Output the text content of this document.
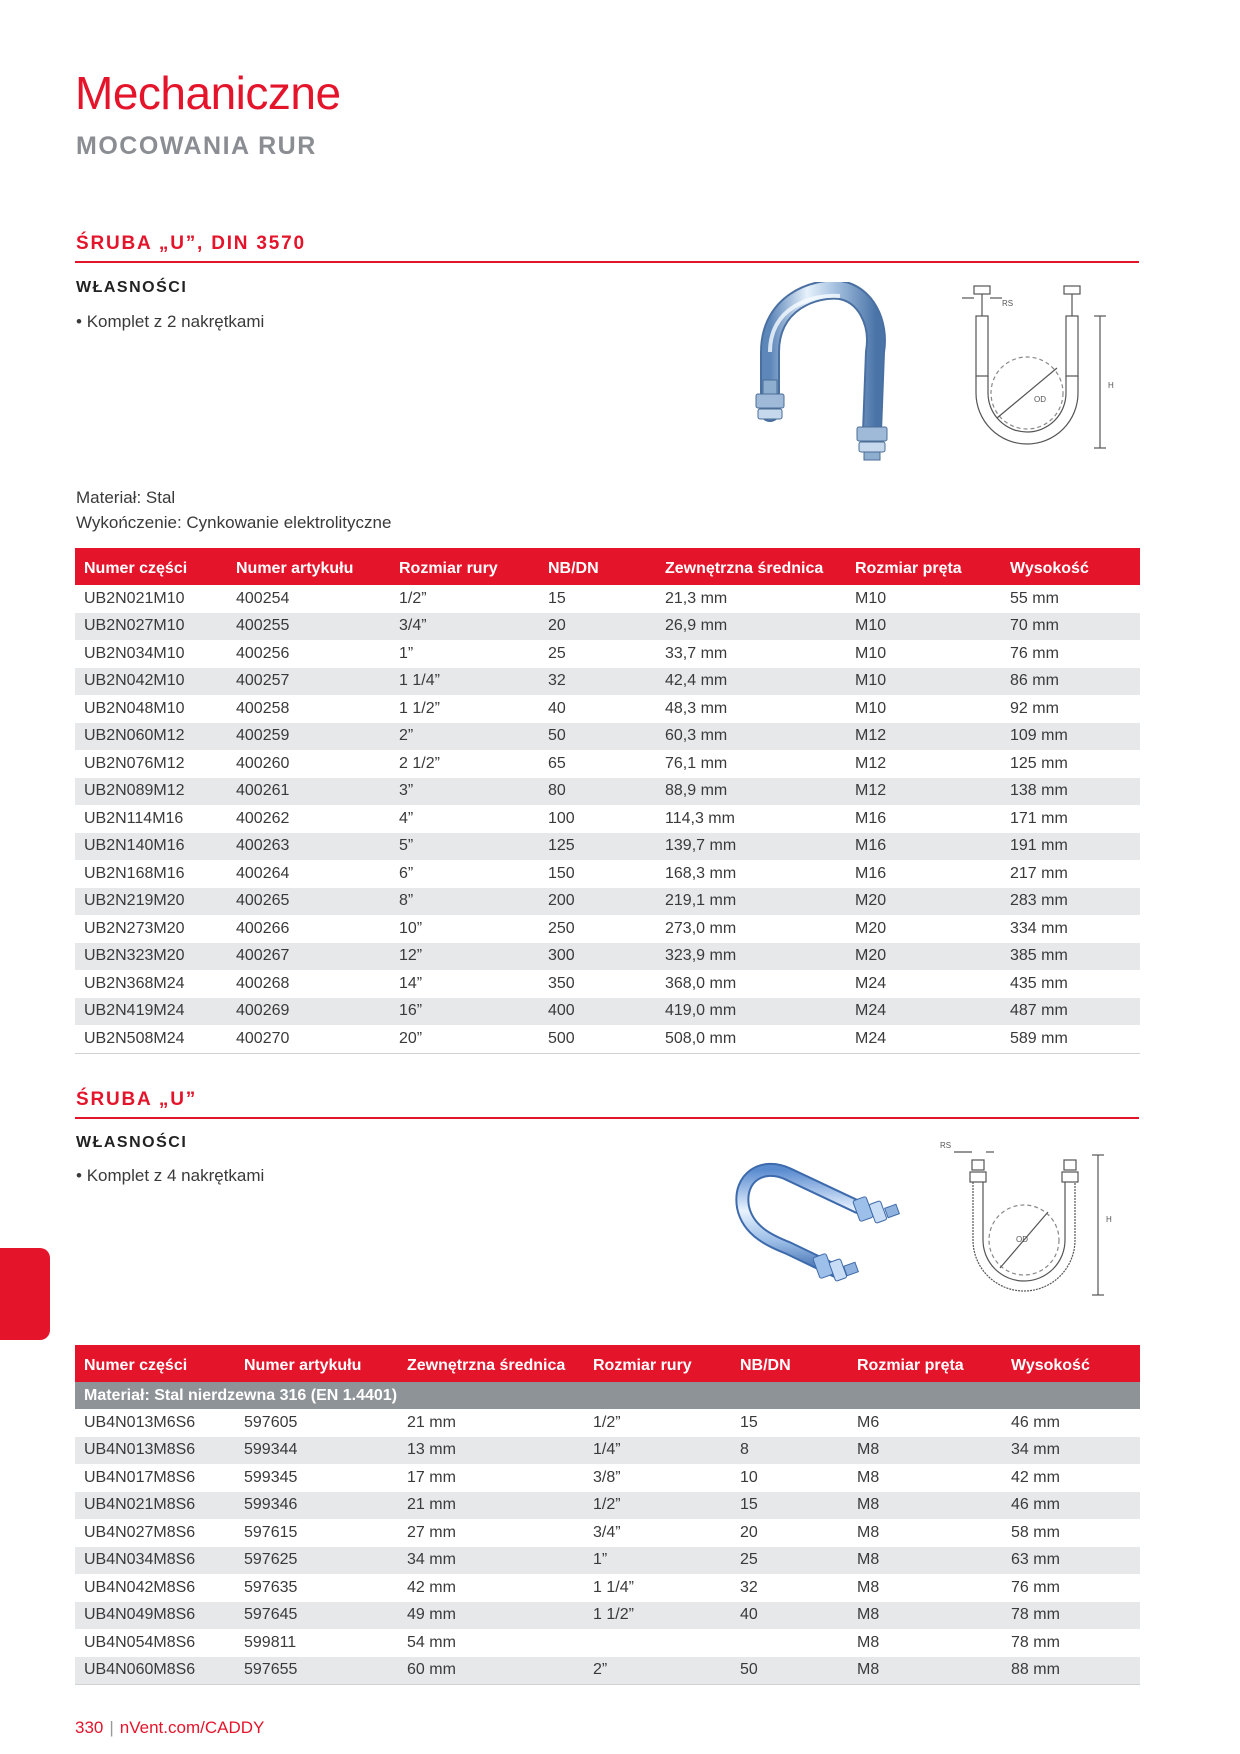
Mechaniczne
MOCOWANIA RUR
ŚRUBA „U”, DIN 3570
WŁASNOŚCI
• Komplet z 2 nakrętkami
RS
OD
H
Materiał: Stal
Wykończenie: Cynkowanie elektrolityczne
Numer części	Numer artykułu	Rozmiar rury	NB/DN	Zewnętrzna średnica	Rozmiar pręta	Wysokość
UB2N021M10	400254	1/2”	15	21,3 mm	M10	55 mm
UB2N027M10	400255	3/4”	20	26,9 mm	M10	70 mm
UB2N034M10	400256	1”	25	33,7 mm	M10	76 mm
UB2N042M10	400257	1 1/4”	32	42,4 mm	M10	86 mm
UB2N048M10	400258	1 1/2”	40	48,3 mm	M10	92 mm
UB2N060M12	400259	2”	50	60,3 mm	M12	109 mm
UB2N076M12	400260	2 1/2”	65	76,1 mm	M12	125 mm
UB2N089M12	400261	3”	80	88,9 mm	M12	138 mm
UB2N114M16	400262	4”	100	114,3 mm	M16	171 mm
UB2N140M16	400263	5”	125	139,7 mm	M16	191 mm
UB2N168M16	400264	6”	150	168,3 mm	M16	217 mm
UB2N219M20	400265	8”	200	219,1 mm	M20	283 mm
UB2N273M20	400266	10”	250	273,0 mm	M20	334 mm
UB2N323M20	400267	12”	300	323,9 mm	M20	385 mm
UB2N368M24	400268	14”	350	368,0 mm	M24	435 mm
UB2N419M24	400269	16”	400	419,0 mm	M24	487 mm
UB2N508M24	400270	20”	500	508,0 mm	M24	589 mm
ŚRUBA „U”
WŁASNOŚCI
• Komplet z 4 nakrętkami
RS
OD
H
Numer części	Numer artykułu	Zewnętrzna średnica	Rozmiar rury	NB/DN	Rozmiar pręta	Wysokość
Materiał: Stal nierdzewna 316 (EN 1.4401)						
UB4N013M6S6	597605	21 mm	1/2”	15	M6	46 mm
UB4N013M8S6	599344	13 mm	1/4”	8	M8	34 mm
UB4N017M8S6	599345	17 mm	3/8”	10	M8	42 mm
UB4N021M8S6	599346	21 mm	1/2”	15	M8	46 mm
UB4N027M8S6	597615	27 mm	3/4”	20	M8	58 mm
UB4N034M8S6	597625	34 mm	1”	25	M8	63 mm
UB4N042M8S6	597635	42 mm	1 1/4”	32	M8	76 mm
UB4N049M8S6	597645	49 mm	1 1/2”	40	M8	78 mm
UB4N054M8S6	599811	54 mm			M8	78 mm
UB4N060M8S6	597655	60 mm	2”	50	M8	88 mm
330 | nVent.com/CADDY
